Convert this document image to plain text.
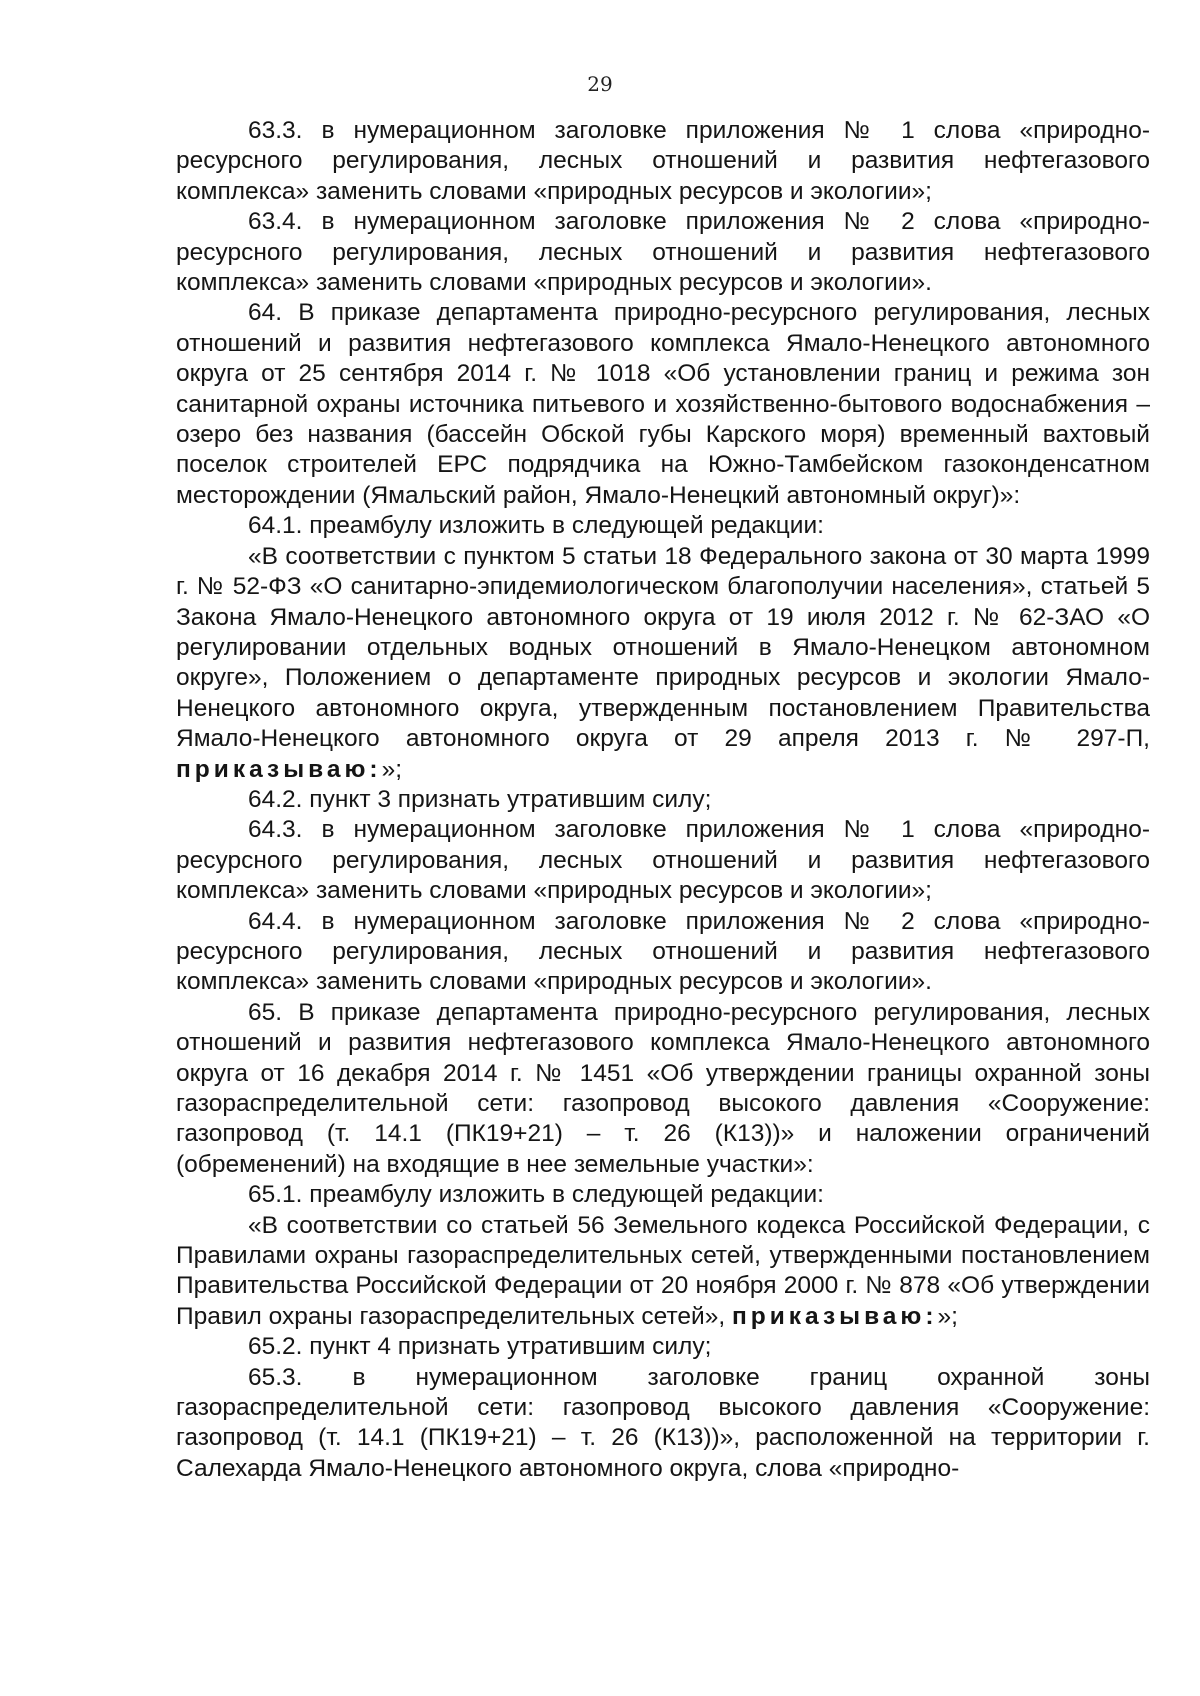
29

63.3. в нумерационном заголовке приложения № 1 слова «природно-ресурсного регулирования, лесных отношений и развития нефтегазового комплекса» заменить словами «природных ресурсов и экологии»;

63.4. в нумерационном заголовке приложения № 2 слова «природно-ресурсного регулирования, лесных отношений и развития нефтегазового комплекса» заменить словами «природных ресурсов и экологии».

64. В приказе департамента природно-ресурсного регулирования, лесных отношений и развития нефтегазового комплекса Ямало-Ненецкого автономного округа от 25 сентября 2014 г. № 1018 «Об установлении границ и режима зон санитарной охраны источника питьевого и хозяйственно-бытового водоснабжения – озеро без названия (бассейн Обской губы Карского моря) временный вахтовый поселок строителей ЕРС подрядчика на Южно-Тамбейском газоконденсатном месторождении (Ямальский район, Ямало-Ненецкий автономный округ)»:

64.1. преамбулу изложить в следующей редакции:

«В соответствии с пунктом 5 статьи 18 Федерального закона от 30 марта 1999 г. № 52-ФЗ «О санитарно-эпидемиологическом благополучии населения», статьей 5 Закона Ямало-Ненецкого автономного округа от 19 июля 2012 г. № 62-ЗАО «О регулировании отдельных водных отношений в Ямало-Ненецком автономном округе», Положением о департаменте природных ресурсов и экологии Ямало-Ненецкого автономного округа, утвержденным постановлением Правительства Ямало-Ненецкого автономного округа от 29 апреля 2013 г. № 297-П, приказываю:»;

64.2. пункт 3 признать утратившим силу;

64.3. в нумерационном заголовке приложения № 1 слова «природно-ресурсного регулирования, лесных отношений и развития нефтегазового комплекса» заменить словами «природных ресурсов и экологии»;

64.4. в нумерационном заголовке приложения № 2 слова «природно-ресурсного регулирования, лесных отношений и развития нефтегазового комплекса» заменить словами «природных ресурсов и экологии».

65. В приказе департамента природно-ресурсного регулирования, лесных отношений и развития нефтегазового комплекса Ямало-Ненецкого автономного округа от 16 декабря 2014 г. № 1451 «Об утверждении границы охранной зоны газораспределительной сети: газопровод высокого давления «Сооружение: газопровод (т. 14.1 (ПК19+21) – т. 26 (К13))» и наложении ограничений (обременений) на входящие в нее земельные участки»:

65.1. преамбулу изложить в следующей редакции:

«В соответствии со статьей 56 Земельного кодекса Российской Федерации, с Правилами охраны газораспределительных сетей, утвержденными постановлением Правительства Российской Федерации от 20 ноября 2000 г. № 878 «Об утверждении Правил охраны газораспределительных сетей», приказываю:»;

65.2. пункт 4 признать утратившим силу;

65.3. в нумерационном заголовке границ охранной зоны газораспределительной сети: газопровод высокого давления «Сооружение: газопровод (т. 14.1 (ПК19+21) – т. 26 (К13))», расположенной на территории г. Салехарда Ямало-Ненецкого автономного округа, слова «природно-
